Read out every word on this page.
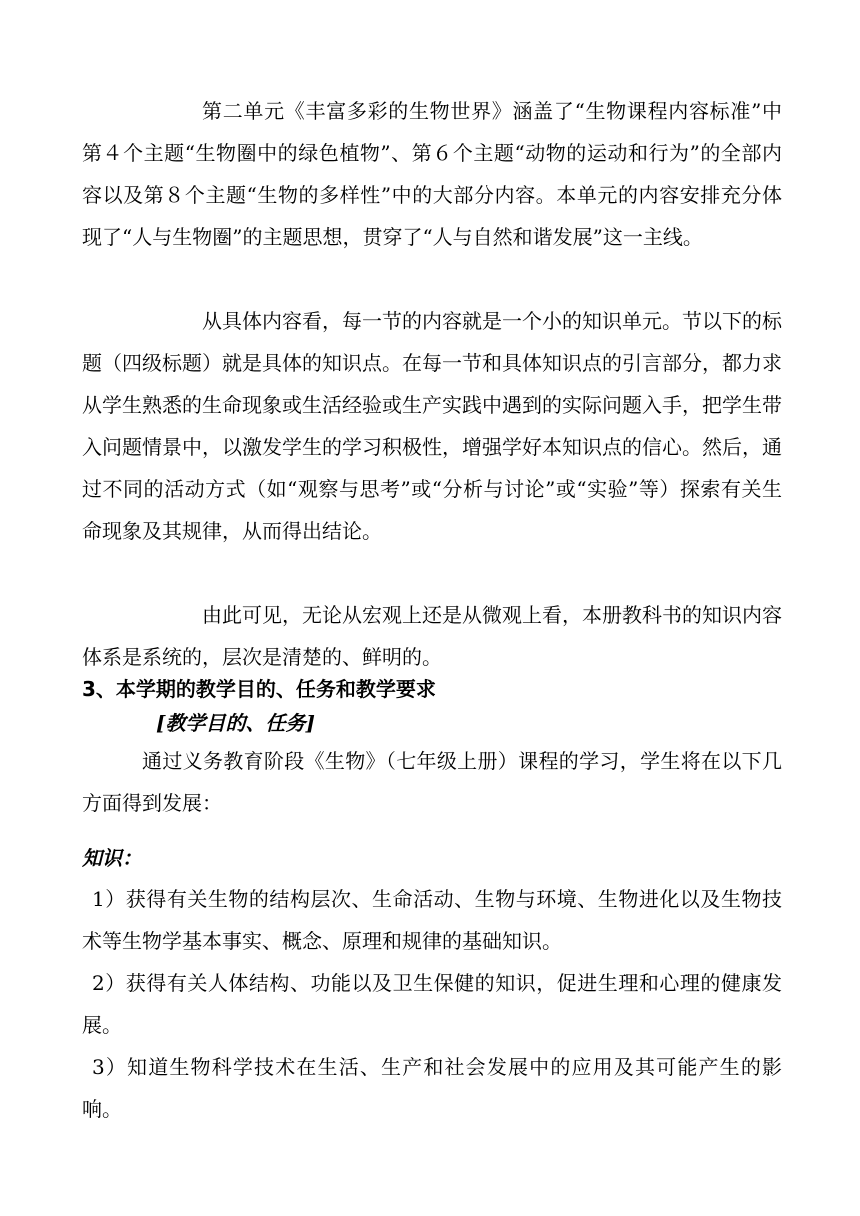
第二单元《丰富多彩的生物世界》涵盖了“生物课程内容标准”中第４个主题“生物圈中的绿色植物”、第６个主题“动物的运动和行为”的全部内容以及第８个主题“生物的多样性”中的大部分内容。本单元的内容安排充分体现了“人与生物圈”的主题思想，贯穿了“人与自然和谐发展”这一主线。

从具体内容看，每一节的内容就是一个小的知识单元。节以下的标题（四级标题）就是具体的知识点。在每一节和具体知识点的引言部分，都力求从学生熟悉的生命现象或生活经验或生产实践中遇到的实际问题入手，把学生带入问题情景中，以激发学生的学习积极性，增强学好本知识点的信心。然后，通过不同的活动方式（如“观察与思考”或“分析与讨论”或“实验”等）探索有关生命现象及其规律，从而得出结论。

由此可见，无论从宏观上还是从微观上看，本册教科书的知识内容体系是系统的，层次是清楚的、鲜明的。

3、本学期的教学目的、任务和教学要求

[教学目的、任务]

通过义务教育阶段《生物》（七年级上册）课程的学习，学生将在以下几方面得到发展：

知识：

1）获得有关生物的结构层次、生命活动、生物与环境、生物进化以及生物技术等生物学基本事实、概念、原理和规律的基础知识。

2）获得有关人体结构、功能以及卫生保健的知识，促进生理和心理的健康发展。

3）知道生物科学技术在生活、生产和社会发展中的应用及其可能产生的影响。
